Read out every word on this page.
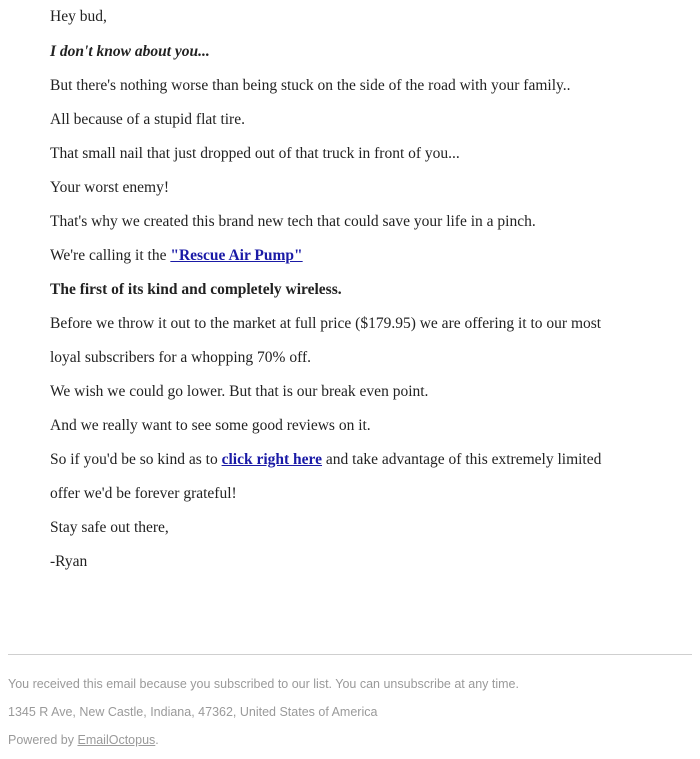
Hey bud,
I don't know about you...
But there's nothing worse than being stuck on the side of the road with your family..
All because of a stupid flat tire.
That small nail that just dropped out of that truck in front of you...
Your worst enemy!
That's why we created this brand new tech that could save your life in a pinch.
We're calling it the "Rescue Air Pump"
The first of its kind and completely wireless.
Before we throw it out to the market at full price ($179.95) we are offering it to our most
loyal subscribers for a whopping 70% off.
We wish we could go lower. But that is our break even point.
And we really want to see some good reviews on it.
So if you'd be so kind as to click right here and take advantage of this extremely limited
offer we'd be forever grateful!
Stay safe out there,
-Ryan
You received this email because you subscribed to our list. You can unsubscribe at any time.
1345 R Ave, New Castle, Indiana, 47362, United States of America
Powered by EmailOctopus.
